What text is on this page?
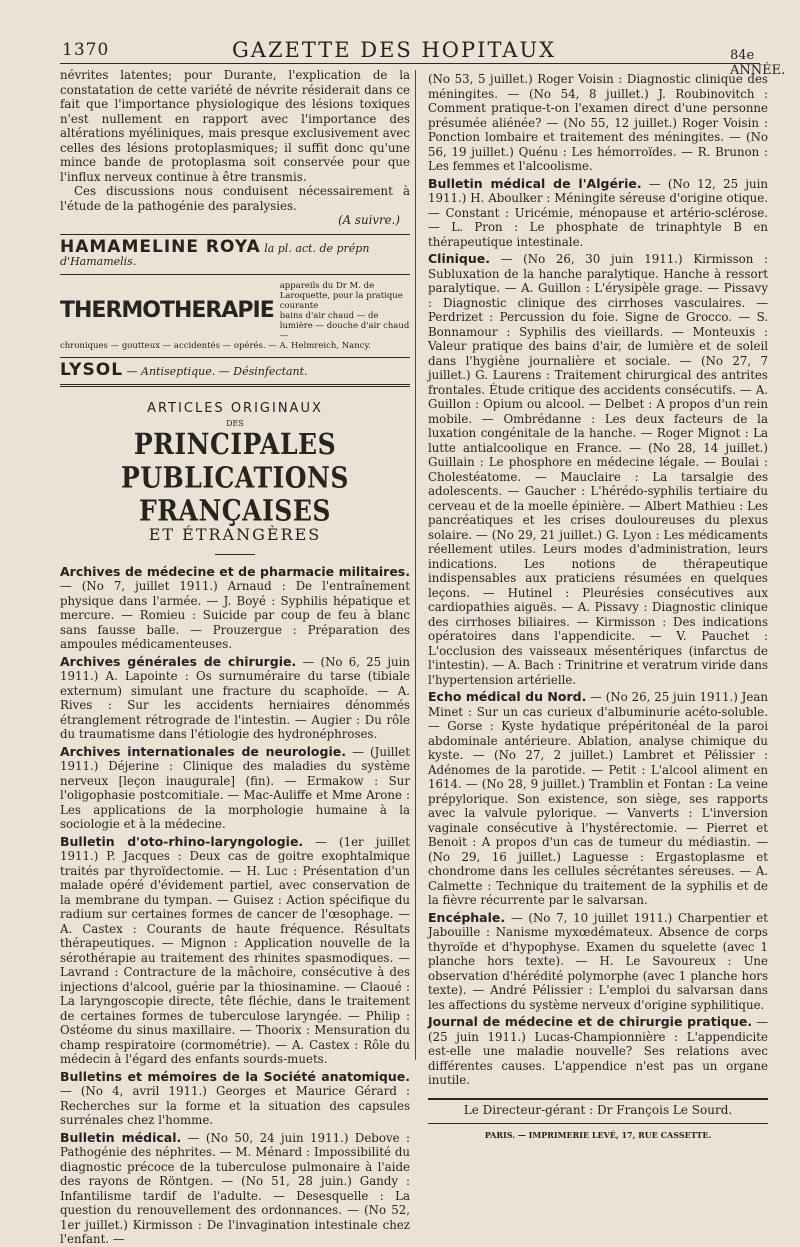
1370	GAZETTE DES HOPITAUX	84e ANNÉE.

névrites latentes; pour Durante, l'explication de la constatation de cette variété de névrite résiderait dans ce fait que l'importance physiologique des lésions toxiques n'est nullement en rapport avec l'importance des altérations myéliniques, mais presque exclusivement avec celles des lésions protoplasmiques; il suffit donc qu'une mince bande de protoplasma soit conservée pour que l'influx nerveux continue à être transmis.

Ces discussions nous conduisent nécessairement à l'étude de la pathogénie des paralysies.

(A suivre.)

HAMAMELINE ROYA la pl. act. de prépn d'Hamamelis.
THERMOTHERAPIE
appareils du Dr M. de Laroquette, pour la pratique courante
bains d'air chaud — de lumière — douche d'air chaud —
chroniques — goutteux — accidentés — opérés. — A. Helmreich, Nancy.
LYSOL — Antiseptique. — Désinfectant.
ARTICLES ORIGINAUX
DES
PRINCIPALES PUBLICATIONS FRANÇAISES
ET ÉTRANGÈRES

Archives de médecine et de pharmacie militaires. — (No 7, juillet 1911.) Arnaud : De l'entraînement physique dans l'armée. — J. Boyé : Syphilis hépatique et mercure. — Romieu : Suicide par coup de feu à blanc sans fausse balle. — Prouzergue : Préparation des ampoules médicamenteuses.

Archives générales de chirurgie. — (No 6, 25 juin 1911.) A. Lapointe : Os surnuméraire du tarse (tibiale externum) simulant une fracture du scaphoïde. — A. Rives : Sur les accidents herniaires dénommés étranglement rétrograde de l'intestin. — Augier : Du rôle du traumatisme dans l'étiologie des hydronéphroses.

Archives internationales de neurologie. — (Juillet 1911.) Déjerine : Clinique des maladies du système nerveux [leçon inaugurale] (fin). — Ermakow : Sur l'oligophasie postcomitiale. — Mac-Auliffe et Mme Arone : Les applications de la morphologie humaine à la sociologie et à la médecine.

Bulletin d'oto-rhino-laryngologie. — (1er juillet 1911.) P. Jacques : Deux cas de goitre exophtalmique traités par thyroïdectomie. — H. Luc : Présentation d'un malade opéré d'évidement partiel, avec conservation de la membrane du tympan. — Guisez : Action spécifique du radium sur certaines formes de cancer de l'œsophage. — A. Castex : Courants de haute fréquence. Résultats thérapeutiques. — Mignon : Application nouvelle de la sérothérapie au traitement des rhinites spasmodiques. — Lavrand : Contracture de la mâchoire, consécutive à des injections d'alcool, guérie par la thiosinamine. — Claoué : La laryngoscopie directe, tête fléchie, dans le traitement de certaines formes de tuberculose laryngée. — Philip : Ostéome du sinus maxillaire. — Thoorix : Mensuration du champ respiratoire (cormométrie). — A. Castex : Rôle du médecin à l'égard des enfants sourds-muets.

Bulletins et mémoires de la Société anatomique. — (No 4, avril 1911.) Georges et Maurice Gérard : Recherches sur la forme et la situation des capsules surrénales chez l'homme.

Bulletin médical. — (No 50, 24 juin 1911.) Debove : Pathogénie des néphrites. — M. Ménard : Impossibilité du diagnostic précoce de la tuberculose pulmonaire à l'aide des rayons de Röntgen. — (No 51, 28 juin.) Gandy : Infantilisme tardif de l'adulte. — Desesquelle : La question du renouvellement des ordonnances. — (No 52, 1er juillet.) Kirmisson : De l'invagination intestinale chez l'enfant. —

(No 53, 5 juillet.) Roger Voisin : Diagnostic clinique des méningites. — (No 54, 8 juillet.) J. Roubinovitch : Comment pratique-t-on l'examen direct d'une personne présumée aliénée? — (No 55, 12 juillet.) Roger Voisin : Ponction lombaire et traitement des méningites. — (No 56, 19 juillet.) Quénu : Les hémorroïdes. — R. Brunon : Les femmes et l'alcoolisme.

Bulletin médical de l'Algérie. — (No 12, 25 juin 1911.) H. Aboulker : Méningite séreuse d'origine otique. — Constant : Uricémie, ménopause et artério-sclérose. — L. Pron : Le phosphate de trinaphtyle B en thérapeutique intestinale.

Clinique. — (No 26, 30 juin 1911.) Kirmisson : Subluxation de la hanche paralytique. Hanche à ressort paralytique. — A. Guillon : L'érysipèle grage. — Pissavy : Diagnostic clinique des cirrhoses vasculaires. — Perdrizet : Percussion du foie. Signe de Grocco. — S. Bonnamour : Syphilis des vieillards. — Monteuxis : Valeur pratique des bains d'air, de lumière et de soleil dans l'hygiène journalière et sociale. — (No 27, 7 juillet.) G. Laurens : Traitement chirurgical des antrites frontales. Étude critique des accidents consécutifs. — A. Guillon : Opium ou alcool. — Delbet : A propos d'un rein mobile. — Ombrédanne : Les deux facteurs de la luxation congénitale de la hanche. — Roger Mignot : La lutte antialcoolique en France. — (No 28, 14 juillet.) Guillain : Le phosphore en médecine légale. — Boulai : Cholestéatome. — Mauclaire : La tarsalgie des adolescents. — Gaucher : L'hérédo-syphilis tertiaire du cerveau et de la moelle épinière. — Albert Mathieu : Les pancréatiques et les crises douloureuses du plexus solaire. — (No 29, 21 juillet.) G. Lyon : Les médicaments réellement utiles. Leurs modes d'administration, leurs indications. Les notions de thérapeutique indispensables aux praticiens résumées en quelques leçons. — Hutinel : Pleurésies consécutives aux cardiopathies aiguës. — A. Pissavy : Diagnostic clinique des cirrhoses biliaires. — Kirmisson : Des indications opératoires dans l'appendicite. — V. Pauchet : L'occlusion des vaisseaux mésentériques (infarctus de l'intestin). — A. Bach : Trinitrine et veratrum viride dans l'hypertension artérielle.

Echo médical du Nord. — (No 26, 25 juin 1911.) Jean Minet : Sur un cas curieux d'albuminurie acéto-soluble. — Gorse : Kyste hydatique prépéritonéal de la paroi abdominale antérieure. Ablation, analyse chimique du kyste. — (No 27, 2 juillet.) Lambret et Pélissier : Adénomes de la parotide. — Petit : L'alcool aliment en 1614. — (No 28, 9 juillet.) Tramblin et Fontan : La veine prépylorique. Son existence, son siège, ses rapports avec la valvule pylorique. — Vanverts : L'inversion vaginale consécutive à l'hystérectomie. — Pierret et Benoit : A propos d'un cas de tumeur du médiastin. — (No 29, 16 juillet.) Laguesse : Ergastoplasme et chondrome dans les cellules sécrétantes séreuses. — A. Calmette : Technique du traitement de la syphilis et de la fièvre récurrente par le salvarsan.

Encéphale. — (No 7, 10 juillet 1911.) Charpentier et Jabouille : Nanisme myxœdémateux. Absence de corps thyroïde et d'hypophyse. Examen du squelette (avec 1 planche hors texte). — H. Le Savoureux : Une observation d'hérédité polymorphe (avec 1 planche hors texte). — André Pélissier : L'emploi du salvarsan dans les affections du système nerveux d'origine syphilitique.

Journal de médecine et de chirurgie pratique. — (25 juin 1911.) Lucas-Championnière : L'appendicite est-elle une maladie nouvelle? Ses relations avec différentes causes. L'appendice n'est pas un organe inutile.

Le Directeur-gérant : Dr François Le Sourd.
PARIS. — IMPRIMERIE LEVÉ, 17, RUE CASSETTE.
